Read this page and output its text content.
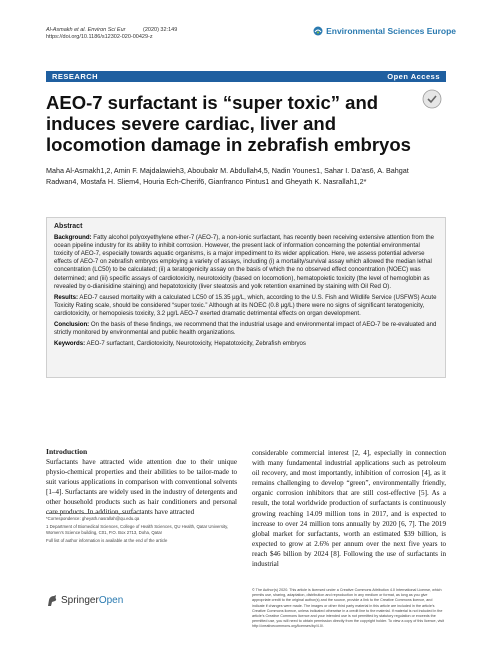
Al-Asmakh et al. Environ Sci Eur
https://doi.org/10.1186/s12302-020-00429-z
(2020) 32:149	Environmental Sciences Europe
RESEARCH	Open Access
AEO-7 surfactant is “super toxic” and induces severe cardiac, liver and locomotion damage in zebrafish embryos
Maha Al-Asmakh1,2, Amin F. Majdalawieh3, Aboubakr M. Abdullah4,5, Nadin Younes1, Sahar I. Da’as6, A. Bahgat Radwan4, Mostafa H. Sliem4, Houria Ech-Cherif6, Gianfranco Pintus1 and Gheyath K. Nasrallah1,2*
Abstract

Background: Fatty alcohol polyoxyethylene ether-7 (AEO-7), a non-ionic surfactant, has recently been receiving extensive attention from the ocean pipeline industry for its ability to inhibit corrosion. However, the present lack of information concerning the potential environmental toxicity of AEO-7, especially towards aquatic organisms, is a major impediment to its wider application. Here, we assess potential adverse effects of AEO-7 on zebrafish embryos employing a variety of assays, including (i) a mortality/survival assay which allowed the median lethal concentration (LC50) to be calculated; (ii) a teratogenicity assay on the basis of which the no observed effect concentration (NOEC) was determined; and (iii) specific assays of cardiotoxicity, neurotoxicity (based on locomotion), hematopoietic toxicity (the level of hemoglobin as revealed by o-dianisidine staining) and hepatotoxicity (liver steatosis and yolk retention examined by staining with Oil Red O).

Results: AEO-7 caused mortality with a calculated LC50 of 15.35 µg/L, which, according to the U.S. Fish and Wildlife Service (USFWS) Acute Toxicity Rating scale, should be considered “super toxic.” Although at its NOEC (0.8 µg/L) there were no signs of significant teratogenicity, cardiotoxicity, or hemopoiesis toxicity, 3.2 µg/L AEO-7 exerted dramatic detrimental effects on organ development.

Conclusion: On the basis of these findings, we recommend that the industrial usage and environmental impact of AEO-7 be re-evaluated and strictly monitored by environmental and public health organizations.

Keywords: AEO-7 surfactant, Cardiotoxicity, Neurotoxicity, Hepatotoxicity, Zebrafish embryos

Introduction
Surfactants have attracted wide attention due to their unique physio-chemical properties and their abilities to be tailor-made to suit various applications in comparison with conventional solvents [1–4]. Surfactants are widely used in the industry of detergents and other household products such as hair conditioners and personal care products. In addition, surfactants have attracted
considerable commercial interest [2, 4], especially in connection with many fundamental industrial applications such as petroleum oil recovery, and most importantly, inhibition of corrosion [4], as it remains challenging to develop “green”, environmentally friendly, organic corrosion inhibitors that are still cost-effective [5]. As a result, the total worldwide production of surfactants is continuously growing reaching 14.09 million tons in 2017, and is expected to increase to over 24 million tons annually by 2020 [6, 7]. The 2019 global market for surfactants, worth an estimated $39 billion, is expected to grow at 2.6% per annum over the next five years to reach $46 billion by 2024 [8]. Following the use of surfactants in industrial

*Correspondence: gheyath.nasrallah@qu.edu.qa

1 Department of Biomedical Sciences, College of Health Sciences, QU Health, Qatar University, Women’s Science building, C01, P.O. Box 2713, Doha, Qatar

Full list of author information is available at the end of the article

SpringerOpen
© The Author(s) 2020. This article is licensed under a Creative Commons Attribution 4.0 International License, which permits use, sharing, adaptation, distribution and reproduction in any medium or format, as long as you give appropriate credit to the original author(s) and the source, provide a link to the Creative Commons licence, and indicate if changes were made. The images or other third party material in this article are included in the article’s Creative Commons licence, unless indicated otherwise in a credit line to the material. If material is not included in the article’s Creative Commons licence and your intended use is not permitted by statutory regulation or exceeds the permitted use, you will need to obtain permission directly from the copyright holder. To view a copy of this licence, visit http://creativecommons.org/licenses/by/4.0/.
